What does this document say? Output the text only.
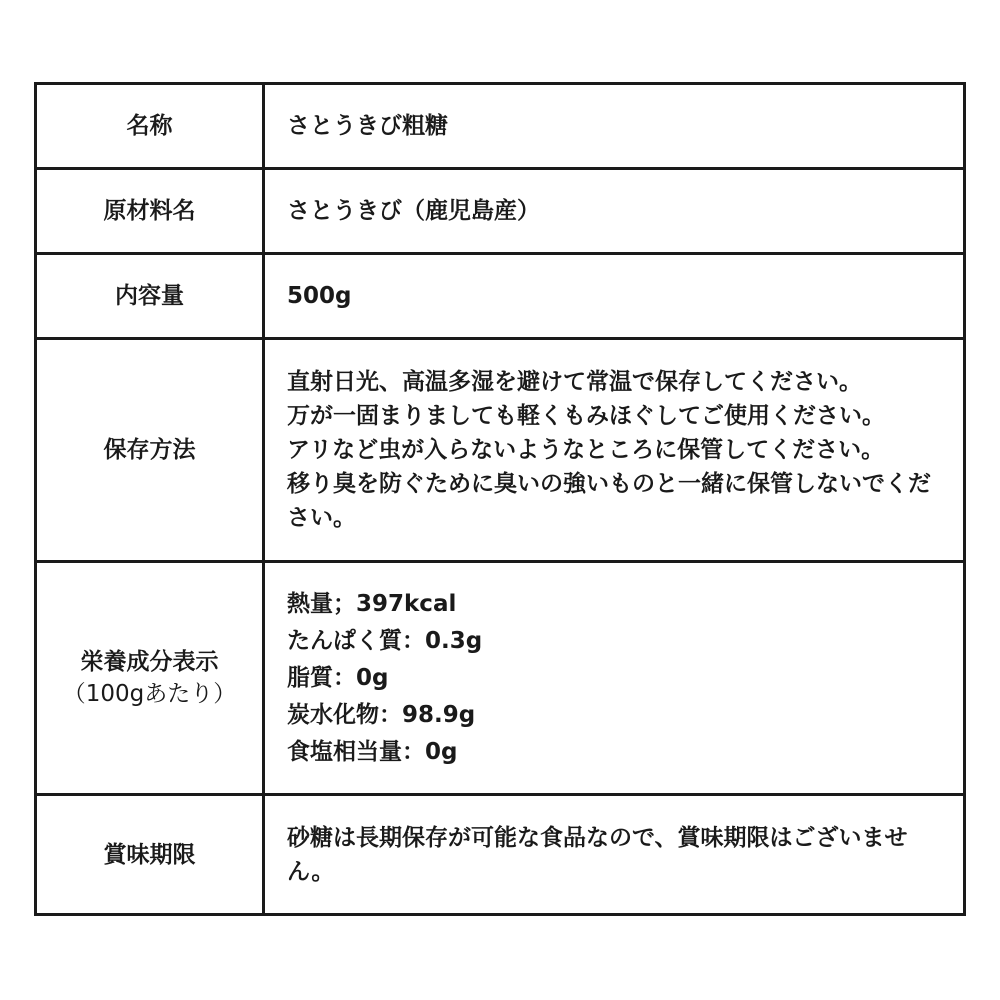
名称	さとうきび粗糖
原材料名	さとうきび（鹿児島産）
内容量	500g
保存方法	直射日光、高温多湿を避けて常温で保存してください。
万が一固まりましても軽くもみほぐしてご使用ください。
アリなど虫が入らないようなところに保管してください。
移り臭を防ぐために臭いの強いものと一緒に保管しないでください。

栄養成分表示
（100gあたり）	熱量；397kcal
たんぱく質：0.3g
脂質：0g
炭水化物：98.9g
食塩相当量：0g

賞味期限	砂糖は長期保存が可能な食品なので、賞味期限はございません。
